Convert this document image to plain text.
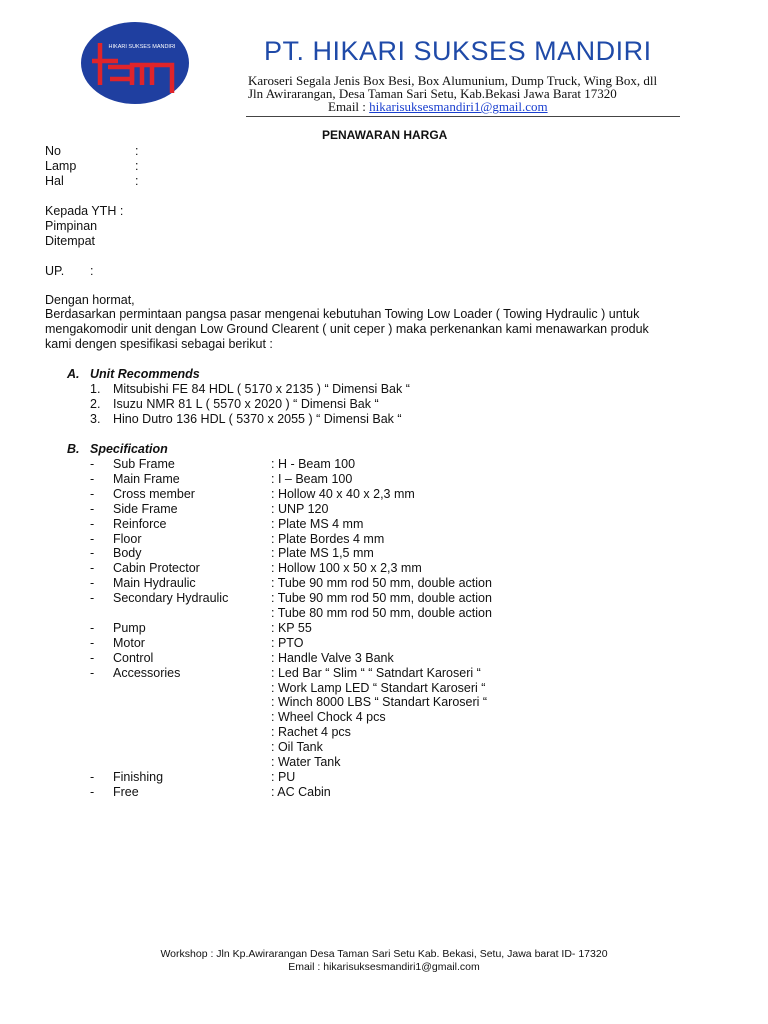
HIKARI SUKSES MANDIRI	PT. HIKARI SUKSES MANDIRI
Karoseri Segala Jenis Box Besi, Box Alumunium, Dump Truck, Wing Box, dll
Jln Awirarangan, Desa Taman Sari Setu, Kab.Bekasi Jawa Barat 17320
Email : hikarisuksesmandiri1@gmail.com
PENAWARAN HARGA
No	:
Lamp	:
Hal	:
Kepada YTH :
Pimpinan
Ditempat
UP. :
Dengan hormat,
Berdasarkan permintaan pangsa pasar mengenai kebutuhan Towing Low Loader ( Towing Hydraulic ) untuk
mengakomodir unit dengan Low Ground Clearent ( unit ceper ) maka perkenankan kami menawarkan produk
kami dengen spesifikasi sebagai berikut :
A. Unit Recommends
1. Mitsubishi FE 84 HDL ( 5170 x 2135 ) “ Dimensi Bak “
2. Isuzu NMR 81 L ( 5570 x 2020 ) “ Dimensi Bak “
3. Hino Dutro 136 HDL ( 5370 x 2055 ) “ Dimensi Bak “
B. Specification
- Sub Frame	: H - Beam 100
- Main Frame	: I – Beam 100
- Cross member	: Hollow 40 x 40 x 2,3 mm
- Side Frame	: UNP 120
- Reinforce	: Plate MS 4 mm
- Floor	: Plate Bordes 4 mm
- Body	: Plate MS 1,5 mm
- Cabin Protector	: Hollow 100 x 50 x 2,3 mm
- Main Hydraulic	: Tube 90 mm rod 50 mm, double action
- Secondary Hydraulic	: Tube 90 mm rod 50 mm, double action
: Tube 80 mm rod 50 mm, double action
- Pump	: KP 55
- Motor	: PTO
- Control	: Handle Valve 3 Bank
- Accessories	: Led Bar “ Slim “ “ Satndart Karoseri “
: Work Lamp LED “ Standart Karoseri “
: Winch 8000 LBS “ Standart Karoseri “
: Wheel Chock 4 pcs
: Rachet 4 pcs
: Oil Tank
: Water Tank
- Finishing	: PU
- Free	: AC Cabin
Workshop : Jln Kp.Awirarangan Desa Taman Sari Setu Kab. Bekasi, Setu, Jawa barat ID- 17320
Email : hikarisuksesmandiri1@gmail.com
